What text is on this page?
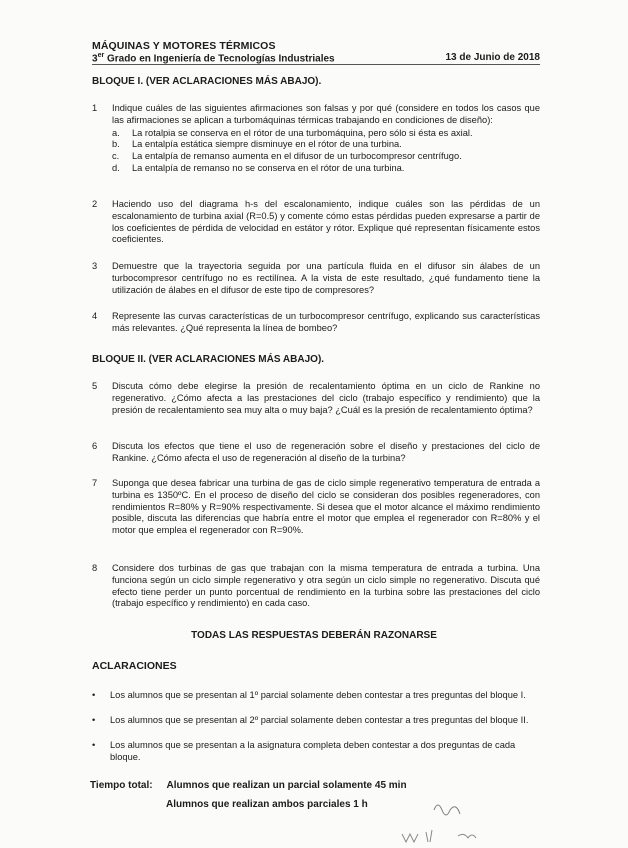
MÁQUINAS Y MOTORES TÉRMICOS
3er Grado en Ingeniería de Tecnologías Industriales	13 de Junio de 2018
BLOQUE I. (VER ACLARACIONES MÁS ABAJO).
1	Indique cuáles de las siguientes afirmaciones son falsas y por qué (considere en todos los casos que las afirmaciones se aplican a turbomáquinas térmicas trabajando en condiciones de diseño):
a. La rotalpia se conserva en el rótor de una turbomáquina, pero sólo si ésta es axial.
b. La entalpía estática siempre disminuye en el rótor de una turbina.
c. La entalpía de remanso aumenta en el difusor de un turbocompresor centrífugo.
d. La entalpía de remanso no se conserva en el rótor de una turbina.
2	Haciendo uso del diagrama h-s del escalonamiento, indique cuáles son las pérdidas de un escalonamiento de turbina axial (R=0.5) y comente cómo estas pérdidas pueden expresarse a partir de los coeficientes de pérdida de velocidad en estátor y rótor. Explique qué representan físicamente estos coeficientes.
3	Demuestre que la trayectoria seguida por una partícula fluida en el difusor sin álabes de un turbocompresor centrífugo no es rectilínea. A la vista de este resultado, ¿qué fundamento tiene la utilización de álabes en el difusor de este tipo de compresores?
4	Represente las curvas características de un turbocompresor centrífugo, explicando sus características más relevantes. ¿Qué representa la línea de bombeo?
BLOQUE II. (VER ACLARACIONES MÁS ABAJO).
5	Discuta cómo debe elegirse la presión de recalentamiento óptima en un ciclo de Rankine no regenerativo. ¿Cómo afecta a las prestaciones del ciclo (trabajo específico y rendimiento) que la presión de recalentamiento sea muy alta o muy baja? ¿Cuál es la presión de recalentamiento óptima?
6	Discuta los efectos que tiene el uso de regeneración sobre el diseño y prestaciones del ciclo de Rankine. ¿Cómo afecta el uso de regeneración al diseño de la turbina?
7	Suponga que desea fabricar una turbina de gas de ciclo simple regenerativo temperatura de entrada a turbina es 1350ºC. En el proceso de diseño del ciclo se consideran dos posibles regeneradores, con rendimientos R=80% y R=90% respectivamente. Si desea que el motor alcance el máximo rendimiento posible, discuta las diferencias que habría entre el motor que emplea el regenerador con R=80% y el motor que emplea el regenerador con R=90%.
8	Considere dos turbinas de gas que trabajan con la misma temperatura de entrada a turbina. Una funciona según un ciclo simple regenerativo y otra según un ciclo simple no regenerativo. Discuta qué efecto tiene perder un punto porcentual de rendimiento en la turbina sobre las prestaciones del ciclo (trabajo específico y rendimiento) en cada caso.
TODAS LAS RESPUESTAS DEBERÁN RAZONARSE
ACLARACIONES
• Los alumnos que se presentan al 1º parcial solamente deben contestar a tres preguntas del bloque I.
• Los alumnos que se presentan al 2º parcial solamente deben contestar a tres preguntas del bloque II.
• Los alumnos que se presentan a la asignatura completa deben contestar a dos preguntas de cada bloque.
Tiempo total: Alumnos que realizan un parcial solamente 45 min
Alumnos que realizan ambos parciales 1 h
